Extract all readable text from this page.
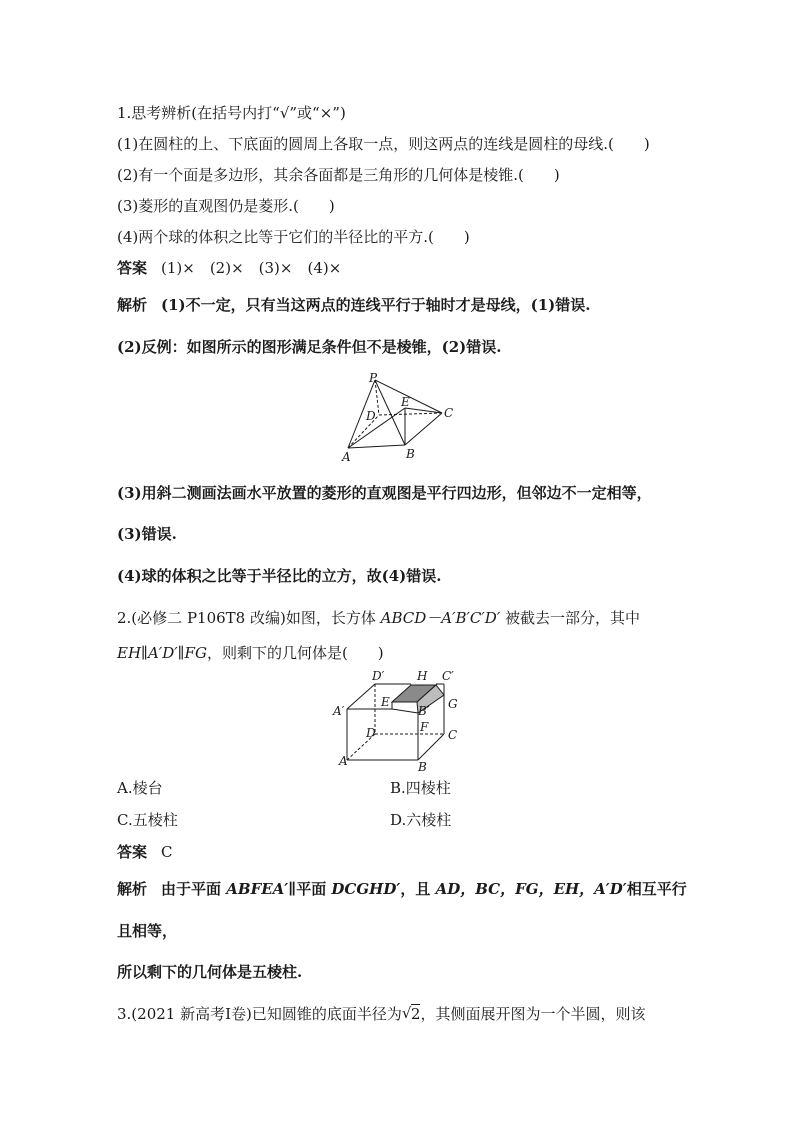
1.思考辨析(在括号内打“√”或“×”)
(1)在圆柱的上、下底面的圆周上各取一点，则这两点的连线是圆柱的母线.(　　)
(2)有一个面是多边形，其余各面都是三角形的几何体是棱锥.(　　)
(3)菱形的直观图仍是菱形.(　　)
(4)两个球的体积之比等于它们的半径比的平方.(　　)
答案 (1)×　(2)×　(3)×　(4)×
解析 (1)不一定，只有当这两点的连线平行于轴时才是母线，(1)错误.
(2)反例：如图所示的图形满足条件但不是棱锥，(2)错误.
P
D
E
C
A	B
(3)用斜二测画法画水平放置的菱形的直观图是平行四边形，但邻边不一定相等，
(3)错误.
(4)球的体积之比等于半径比的立方，故(4)错误.
2.(必修二 P106T8 改编)如图，长方体 ABCD－A′B′C′D′ 被截去一部分，其中
EH∥A′D′∥FG，则剩下的几何体是(　　)
D′	H C′
A′
E
B′ G
D	F
C
A	B
A.棱台	B.四棱柱
C.五棱柱	D.六棱柱
答案 C
解析 由于平面 ABFEA′∥平面 DCGHD′，且 AD，BC，FG，EH，A′D′相互平行
且相等，
所以剩下的几何体是五棱柱.
3.(2021 新高考Ⅰ卷)已知圆锥的底面半径为 √ 2，其侧面展开图为一个半圆，则该
